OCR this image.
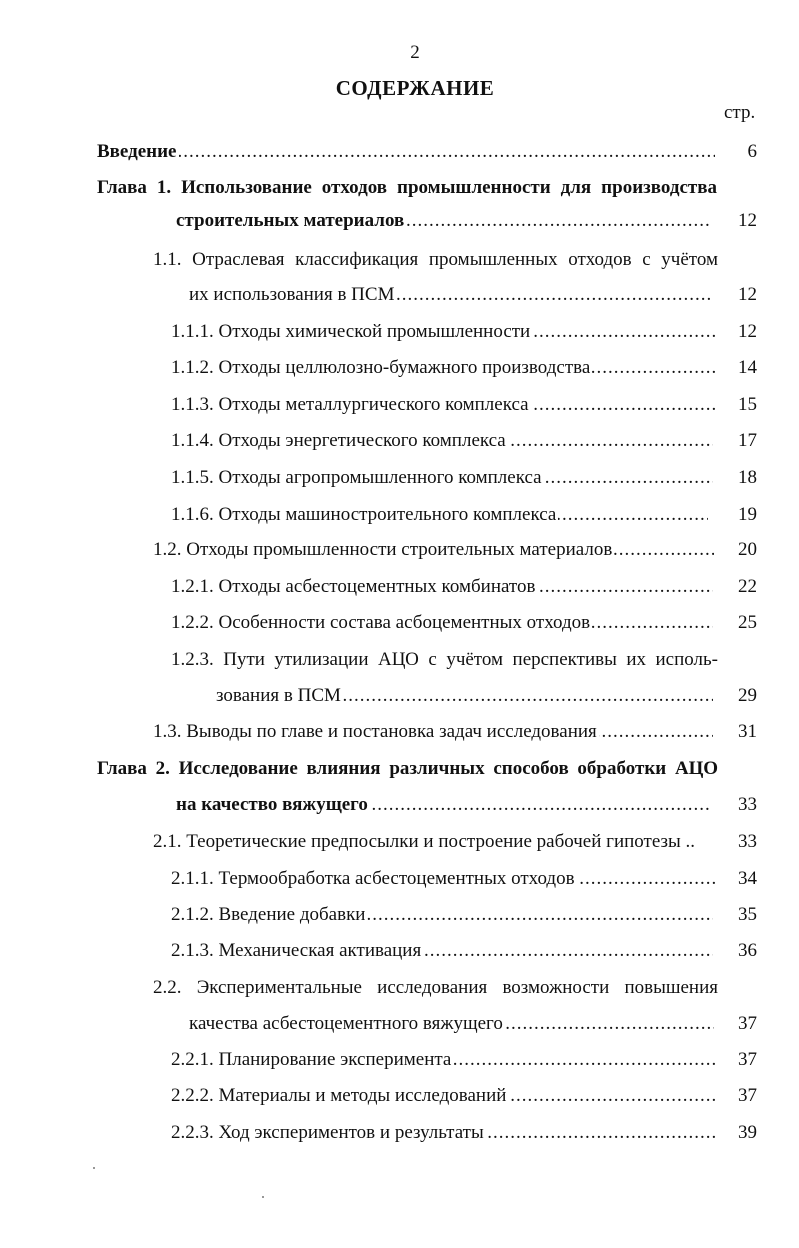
2
СОДЕРЖАНИЕ
стр.
.....
Введение	6
Глава 1. Использование отходов промышленности для производства
.....
строительных материалов	12
1.1. Отраслевая классификация промышленных отходов с учётом
.....
их использования в ПСМ	12
.....
1.1.1. Отходы химической промышленности	12
.....
1.1.2. Отходы целлюлозно-бумажного производства	14
.....
1.1.3. Отходы металлургического комплекса	15
.....
1.1.4. Отходы энергетического комплекса	17
.....
1.1.5. Отходы агропромышленного комплекса	18
.....
1.1.6. Отходы машиностроительного комплекса	19
.....
1.2. Отходы промышленности строительных материалов	20
.....
1.2.1. Отходы асбестоцементных комбинатов	22
.....
1.2.2. Особенности состава асбоцементных отходов	25
1.2.3. Пути утилизации АЦО с учётом перспективы их исполь-
.....
зования в ПСМ	29
.....
1.3. Выводы по главе и постановка задач исследования	31
Глава 2. Исследование влияния различных способов обработки АЦО
.....
на качество вяжущего	33
2.1. Теоретические предпосылки и построение рабочей гипотезы ..	33
.....
2.1.1. Термообработка асбестоцементных отходов	34
.....
2.1.2. Введение добавки	35
.....
2.1.3. Механическая активация	36
2.2. Экспериментальные исследования возможности повышения
.....
качества асбестоцементного вяжущего	37
.....
2.2.1. Планирование эксперимента	37
.....
2.2.2. Материалы и методы исследований	37
.....
2.2.3. Ход экспериментов и результаты	39
